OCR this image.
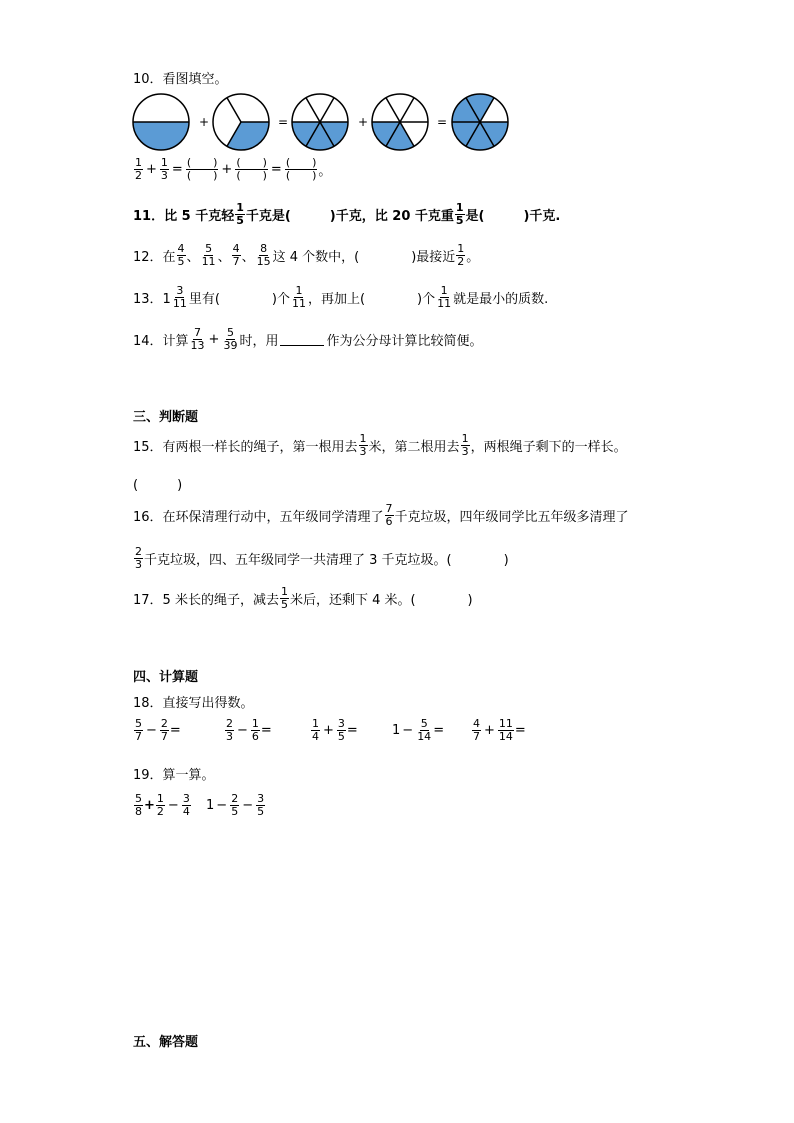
10．看图填空。
+	=	+	=
$\frac{1}{2} + \frac{1}{3} = \frac{( )}{( )} + \frac{( )}{( )} = \frac{( )}{( )}$ 。
11．比 5 千克轻 $\frac{1}{5}$ 千克是(　　　)千克，比 20 千克重 $\frac{1}{5}$ 是(　　　)千克.
12．在 $\frac{4}{5}$ 、 $\frac{5}{11}$ 、 $\frac{4}{7}$ 、 $\frac{8}{15}$ 这 4 个数中，(　　　　)最接近 $\frac{1}{2}$ 。
13．$1 \frac{3}{11}$ 里有(　　　　)个 $\frac{1}{11}$ ，再加上(　　　　)个 $\frac{1}{11}$ 就是最小的质数.
14．计算 $\frac{7}{13} + \frac{5}{39}$ 时，用	作为公分母计算比较简便。
三、判断题
15．有两根一样长的绳子，第一根用去 $\frac{1}{3}$ 米，第二根用去 $\frac{1}{3}$ ，两根绳子剩下的一样长。
(　　　)
16．在环保清理行动中，五年级同学清理了 $\frac{7}{6}$ 千克垃圾，四年级同学比五年级多清理了
$\frac{2}{3}$ 千克垃圾，四、五年级同学一共清理了 3 千克垃圾。(　　　　)
17．5 米长的绳子，减去 $\frac{1}{5}$ 米后，还剩下 4 米。(　　　　)
四、计算题
18．直接写出得数。
$\frac{5}{7} - \frac{2}{7}$ =	$\frac{2}{3} - \frac{1}{6}$ =	$\frac{1}{4} + \frac{3}{5}$ =	$1 - \frac{5}{14}$ =	$\frac{4}{7} + \frac{11}{14}$ =
19．算一算。
$\frac{5}{8} + \frac{1}{2} - \frac{3}{4} 1 - \frac{2}{5} - \frac{3}{5}$
五、解答题
